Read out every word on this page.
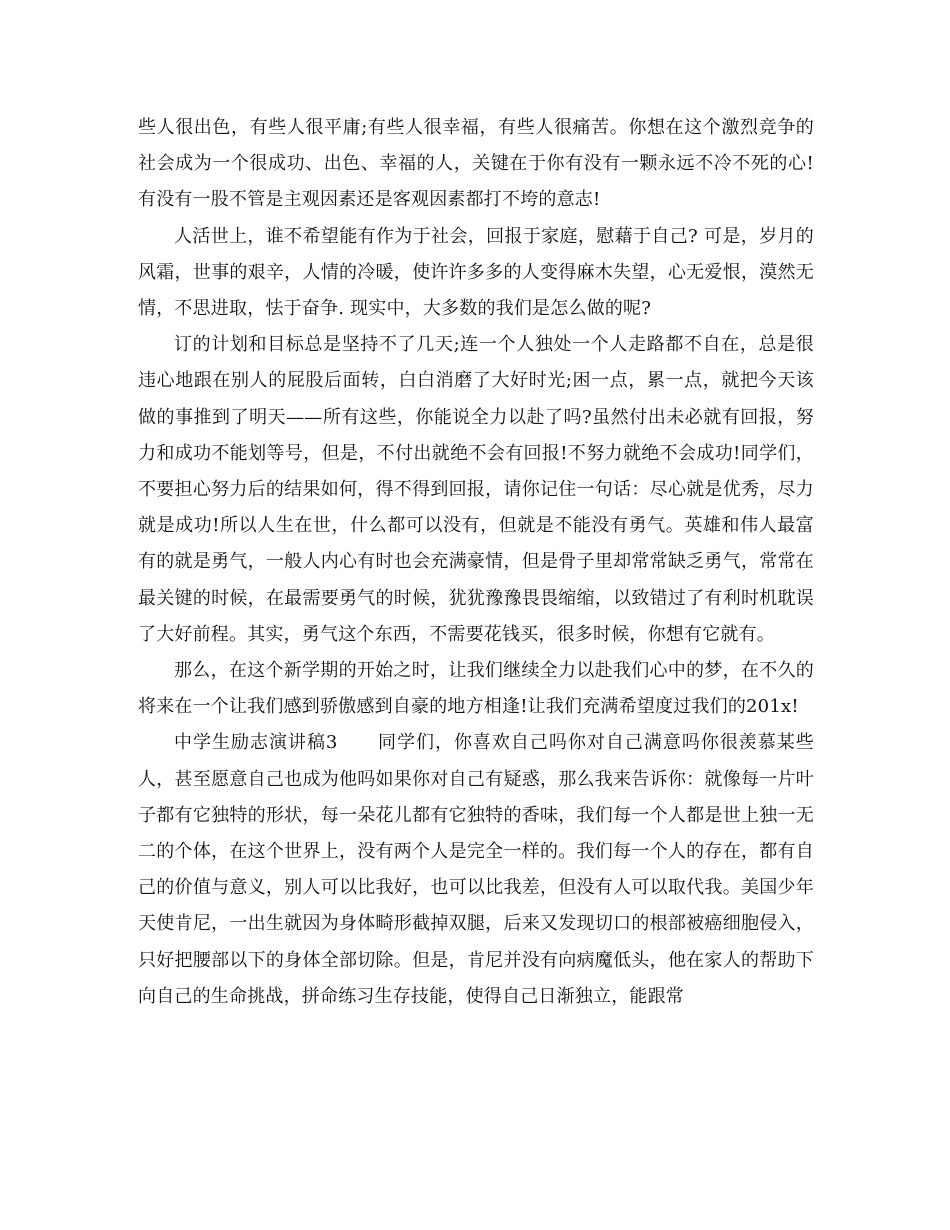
些人很出色，有些人很平庸;有些人很幸福，有些人很痛苦。你想在这个激烈竞争的社会成为一个很成功、出色、幸福的人，关键在于你有没有一颗永远不冷不死的心!有没有一股不管是主观因素还是客观因素都打不垮的意志!

人活世上，谁不希望能有作为于社会，回报于家庭，慰藉于自己? 可是，岁月的风霜，世事的艰辛，人情的冷暖，使许许多多的人变得麻木失望，心无爱恨，漠然无情，不思进取，怯于奋争. 现实中，大多数的我们是怎么做的呢?

订的计划和目标总是坚持不了几天;连一个人独处一个人走路都不自在，总是很违心地跟在别人的屁股后面转，白白消磨了大好时光;困一点，累一点，就把今天该做的事推到了明天——所有这些，你能说全力以赴了吗?虽然付出未必就有回报，努力和成功不能划等号，但是，不付出就绝不会有回报!不努力就绝不会成功!同学们，不要担心努力后的结果如何，得不得到回报，请你记住一句话：尽心就是优秀，尽力就是成功!所以人生在世，什么都可以没有，但就是不能没有勇气。英雄和伟人最富有的就是勇气，一般人内心有时也会充满豪情，但是骨子里却常常缺乏勇气，常常在最关键的时候，在最需要勇气的时候，犹犹豫豫畏畏缩缩，以致错过了有利时机耽误了大好前程。其实，勇气这个东西，不需要花钱买，很多时候，你想有它就有。

那么，在这个新学期的开始之时，让我们继续全力以赴我们心中的梦，在不久的将来在一个让我们感到骄傲感到自豪的地方相逢!让我们充满希望度过我们的201x!

中学生励志演讲稿3 同学们，你喜欢自己吗你对自己满意吗你很羡慕某些人，甚至愿意自己也成为他吗如果你对自己有疑惑，那么我来告诉你：就像每一片叶子都有它独特的形状，每一朵花儿都有它独特的香味，我们每一个人都是世上独一无二的个体，在这个世界上，没有两个人是完全一样的。我们每一个人的存在，都有自己的价值与意义，别人可以比我好，也可以比我差，但没有人可以取代我。美国少年天使肯尼，一出生就因为身体畸形截掉双腿，后来又发现切口的根部被癌细胞侵入，只好把腰部以下的身体全部切除。但是，肯尼并没有向病魔低头，他在家人的帮助下向自己的生命挑战，拼命练习生存技能，使得自己日渐独立，能跟常
